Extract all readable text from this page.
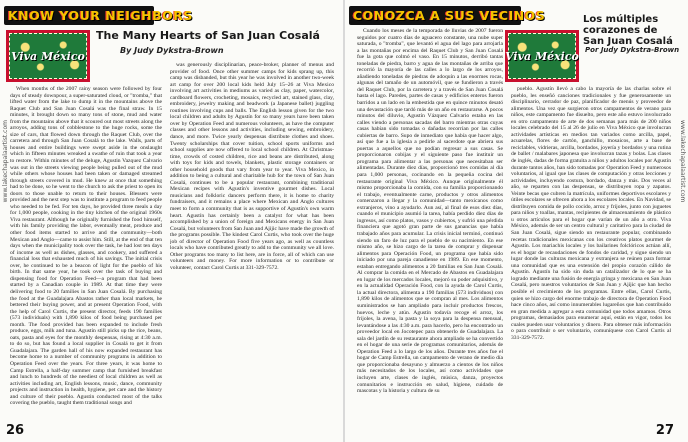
KNOW YOUR NEIGHBORS
Viva México
The Many Hearts of San Juan Cosalá
By Judy Dykstra-Brown

When months of the 2007 rainy season were followed by four days of steady downpour, a super-saturated cloud, or "tromba," that lifted water from the lake to dump it in the mountains above the Raquet Club and San Juan Cosalá was the final straw. In 15 minutes, it brought down so many tons of stone, mud and water from the mountains above that it scoured out most streets along the arroyos, adding tons of cobblestone to the huge rocks, some the size of cars, that flowed down through the Raquet Club, over the carretera and through San Juan Cosalá to the lake. Walls, parts of houses and entire buildings were swept aside in the onslaught which in fifteen minutes wreaked a swathe of ruin that took a year to restore. Within minutes of the deluge, Agustin Vazquez Calvario was out in the streets viewing people being pulled out of the mud while others whose houses had been taken or damaged streamed through streets covered in mud. He knew at once that something had to be done, so he went to the church to ask the priest to open its doors to those unable to return to their houses. Blessers were provided and the next step was to institute a program to feed people who needed to be fed. For ten days, he provided three meals a day for 1,000 people, cooking in the tiny kitchen of the original 1960s Viva restaurant. Although he originally furnished the food himself, with his family providing the labor, eventually meat, produce and other food items started to arrive and the community—both Mexican and Anglo—came to assist him. Still, at the end of that ten days when the municipality took over the task, he had lost ten days of income as well as dishes, glasses, and cookery, and suffered a financial loss that exhausted much of his savings. The initial crisis over, he continued to be a beacon of light for the pueblo of his birth. In that same year, he took over the task of buying and dispensing food for Operation Feed—a program that had been started by a Canadian couple in 1989. At that time they were delivering food to 20 families in San Juan Cosalá. By purchasing the food at the Guadalajara Abastos rather than local markets, he bettered their buying power, and at present Operation Food, with the help of Carol Curtis, the present director, feeds 190 families (573 individuals) with 1,890 kilos of food being purchased per month. The food provided has been expanded to include fresh produce, eggs, milk and tuna. Agustín still picks up the rice, beans, oats, pasta and eyes for the monthly despensas, rising at 4:30 a.m. to do so, but has found a local supplier in Cosalá to get it from Guadalajara. The garden hall of his now expanded restaurant has become home to a number of community programs in addition to Operation Feed over the years. For three years, it was home to Camp Estrella, a half-day summer camp that furnished breakfast and lunch to hundreds of the neediest of local children as well as activities including art, English lessons, music, dance, community projects and instruction in health, hygiene, pet care and the history and culture of their pueblo. Agustin conducted most of the talks covering the pueblo, taught them traditional songs and

was generously disciplinarian, peace-broker, planner of menus and provider of food. Once other summer camps for kids sprang up, this camp was disbanded, but this year he was involved in another two-week art camp for over 200 local kids held July 15–26 at Viva Mexico involving art activities in mediums as varied as clay, paper, watercolor, cardboard flowers, crocheting, mosaics, recycled art, stained glass, clay, embroidery, jewelry making and beadwork (a Japanese ballet) juggling routines involving cups and balls. The English lesson given for the two local children and adults by Agustín for so many years have been taken over by Operation Feed and numerous volunteers, as have the computer classes and other lessons and activities, including sewing, embroidery, dance, and more. Twice yearly despensas distribute clothes and shoes. Twenty scholarships that cover tuition, school sports uniforms and school supplies are now offered to local school children. At Christmas-time, crowds of costed children, rice and beans are distributed, along with toys for kids and towels, blankets, plastic storage containers or other household goods that vary from year to year. Viva Mexico, in addition to being a cultural and charitable hub for the town of San Juan Cosalá, continues to be a popular restaurant, combining traditional Mexican recipes with Agustín's inventive gourmet dishes. Local musicians and folkloric dancers perform there, it is home to charity fundraisers, and it remains a place where Mexican and Anglo cultures meet to form a community that is as supportive of Agustín's own warm heart. Agustín has certainly been a catalyst for what has been accomplished by a union of foreign and Mexicans energy in San Juan Cosalá, but volunteers from San Juan and Ajijic have made the growth of the programs possible. The kindest Carol Curtis, who took over the huge job of director of Operation Food five years ago, as well as countless locals who have contributed greatly to add to the community we all love. Other programs too many to list here, are in force, all of which can use volunteers and money. For more information or to contribute or volunteer, contact Carol Curtis at 331-329-7572.

www.lakechapalaartist.com
26
CONOZCA A SUS VECINOS
Viva México
Los múltiples corazones de
San Juan Cosalá
Por Judy Dykstra-Brown

Cuando los meses de la temporada de lluvias de 2007 fueron seguidos por cuatro días de aguacero constante, una nube super saturada, o "tromba", que levantó el agua del lago para arrojarla a las montañas por encima del Raquet Club y San Juan Cosalá fue la gota que colmó el vaso. En 15 minutos, derribó tantas toneladas de piedra, barro y agua de las montañas de arriba que recorrió la mayoría de las calles a lo largo de los arroyos, añadiendo toneladas de piedras de adoquín a las enormes rocas, algunas del tamaño de un automóvil, que se fundieron a través del Raquet Club, por la carretera y a través de San Juan Cosalá hasta el lago. Paredes, partes de casas y edificios enteros fueron barridos a un lado en la embestida que en quince minutos desató una devastación que tardó más de un año en restaurarse. A pocos minutos del diluvio, Agustín Vázquez Calvario estaba en las calles viendo a personas sacadas del barro mientras otras cuyas casas habían sido tomadas o dañadas recorrían por las calles cubiertas de barro. Supo de inmediato que había que hacer algo, así que fue a la iglesia a pedirle al sacerdote que abriera sus puertas a aquellos que no podían regresar a sus casas. Se proporcionaron cobijas y el siguiente paso fue instituir un programa para alimentar a las personas que necesitaban ser alimentadas. Durante diez días, proporcionó tres comidas al día para 1,000 personas, cocinando en la pequeña cocina del restaurante original Viva México. Aunque originalmente él mismo proporcionaba la comida, con su familia proporcionando el trabajo, eventualmente carne, productos y otros alimentos comenzaron a llegar y la comunidad—tanto mexicanos como extranjeros, vino a ayudarlo. Aun así, al final de esos diez días, cuando el municipio asumió la tarea, había perdido diez días de ingresos, así como platos, vasos y cubiertos, y sufrió una pérdida financiera que agotó gran parte de sus ganancias que había trabajado años para acumular. La crisis inicial terminó, continuó siendo un faro de luz para el pueblo de su nacimiento. En ese mismo año, se hizo cargo de la tarea de comprar y dispensar alimentos para Operación Food, un programa que había sido iniciado por una pareja canadiense en 1989. En ese momento, estaban entregando alimentos a 20 familias en San Juan Cosalá. Al comprar la comida en el Mercado de Abastos en Guadalajara en lugar de los mercados locales, mejoró su poder adquisitivo, y en la actualidad Operación Food, con la ayuda de Carol Curtis, la actual directora, alimenta a 190 familias (573 individuos) con 1,890 kilos de alimentos que se compran al mes. Los alimentos suministrados se han ampliado para incluir productos frescos, huevos, leche y atún. Agustín todavía recoge el arroz, los frijoles, la avena, la pasta y la soya para la despensa mensual, levantándose a las 4:30 a.m. para hacerlo, pero ha encontrado un proveedor local en Jocotepec para obtenerlo de Guadalajara. La sala del jardín de su restaurante ahora ampliado se ha convertido en el hogar de una serie de programas comunitarios, además de Operation Feed a lo largo de los años. Durante tres años fue el hogar de Camp Estrella, un campamento de verano de medio día que proporcionaba desayuno y almuerzo a cientos de los niños más necesitados de los locales, así como actividades que incluyen arte, clases de inglés, música, danza, proyectos comunitarios e instrucción en salud, higiene, cuidado de mascotas y la historia y cultura de su

pueblo. Agustín llevó a cabo la mayoría de las charlas sobre el pueblo, les enseñó canciones tradicionales y fue generosamente un disciplinario, cerrador de paz, planificador de menús y proveedor de alimentos. Una vez que surgieron otros campamentos de verano para niños, este campamento fue disuelto, pero este año estuvo involucrado en otro campamento de arte de dos semanas para más de 200 niños locales celebrado del 15 al 26 de julio en Viva México que involucran actividades artísticas en medios tan variados como arcilla, papel, acuarelas, flores de cartón, ganchillo, mosaicos, arte a base de reciclables, vidrieras, arcilla, bordados, joyería y bordados y una rutina de ballet / malabares japonesa que involucran tazas y bolas. Las clases de inglés, dadas de forma gratuita a niños y adultos locales por Agustín durante tantos años, han sido tomadas por Operation Feed y numerosos voluntarios, al igual que las clases de computación y otras lecciones y actividades, incluyendo costura, bordado, danza y más. Dos veces al año, se reparten con las despensas, se distribuyen ropa y zapatos. Veinte becas que cubren la matrícula, uniformes deportivos escolares y útiles escolares se ofrecen ahora a los escolares locales. En Navidad, se distribuyen comida de pollo cocido, arroz y frijoles, junto con juguetes para niños y toallas, mantas, recipientes de almacenamiento de plástico u otros artículos para el hogar que varían de un año a otro. Viva México, además de ser un centro cultural y caritativo para la ciudad de San Juan Cosalá, sigue siendo un restaurante popular, combinando recetas tradicionales mexicanas con los creativos platos gourmet de Agustín. Los mariachis locales y los bailarines folclóricos actúan allí, es el hogar de recaudaciones de fondos de caridad, y sigue siendo un lugar donde las culturas mexicana y extranjera se reúnen para formar una comunidad que es una extensión del propio corazón cálido de Agustín. Agustín ha sido sin duda un catalizador de lo que se ha logrado mediante una fusión de energía gringa y mexicana en San Juan Cosalá, pero nuestros voluntarios de San Juan y Ajijic que han hecho posible el crecimiento de los programas. Entre ellas, Carol Curtis, quien se hizo cargo del enorme trabajo de directora de Operation Food hace cinco años, así como innumerables lugareños que han contribuido en gran medida a agregar a esta comunidad que todos amamos. Otros programas, demasiados para enumerar aquí, están en vigor, todos los cuales pueden usar voluntarios y dinero. Para obtener más información o para contribuir o ser voluntario, comuníquese con Carol Curtis al 331-329-7572.

www.lakechapalaartist.com
27
